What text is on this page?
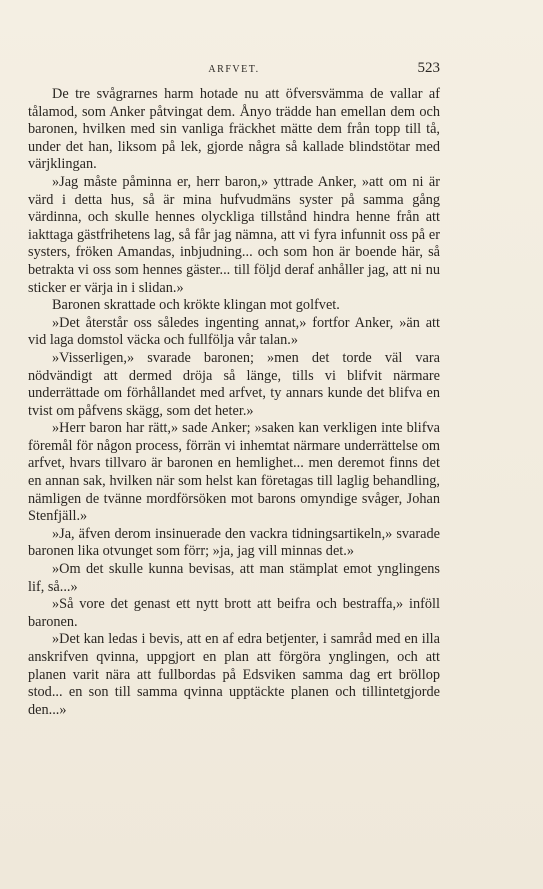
ARFVET.	523

De tre svågrarnes harm hotade nu att öfversvämma de vallar af tålamod, som Anker påtvingat dem. Ånyo trädde han emellan dem och baronen, hvilken med sin vanliga fräckhet mätte dem från topp till tå, under det han, liksom på lek, gjorde några så kallade blindstötar med värjklingan.

»Jag måste påminna er, herr baron,» yttrade Anker, »att om ni är värd i detta hus, så är mina hufvudmäns syster på samma gång värdinna, och skulle hennes olyckliga tillstånd hindra henne från att iakttaga gästfrihetens lag, så får jag nämna, att vi fyra infunnit oss på er systers, fröken Amandas, inbjudning... och som hon är boende här, så betrakta vi oss som hennes gäster... till följd deraf anhåller jag, att ni nu sticker er värja in i slidan.»

Baronen skrattade och krökte klingan mot golfvet.

»Det återstår oss således ingenting annat,» fortfor Anker, »än att vid laga domstol väcka och fullfölja vår talan.»

»Visserligen,» svarade baronen; »men det torde väl vara nödvändigt att dermed dröja så länge, tills vi blifvit närmare underrättade om förhållandet med arfvet, ty annars kunde det blifva en tvist om påfvens skägg, som det heter.»

»Herr baron har rätt,» sade Anker; »saken kan verkligen inte blifva föremål för någon process, förrän vi inhemtat närmare underrättelse om arfvet, hvars tillvaro är baronen en hemlighet... men deremot finns det en annan sak, hvilken när som helst kan företagas till laglig behandling, nämligen de tvänne mordförsöken mot barons omyndige svåger, Johan Stenfjäll.»

»Ja, äfven derom insinuerade den vackra tidningsartikeln,» svarade baronen lika otvunget som förr; »ja, jag vill minnas det.»

»Om det skulle kunna bevisas, att man stämplat emot ynglingens lif, så...»

»Så vore det genast ett nytt brott att beifra och bestraffa,» inföll baronen.

»Det kan ledas i bevis, att en af edra betjenter, i samråd med en illa anskrifven qvinna, uppgjort en plan att förgöra ynglingen, och att planen varit nära att fullbordas på Edsviken samma dag ert bröllop stod... en son till samma qvinna upptäckte planen och tillintetgjorde den...»
